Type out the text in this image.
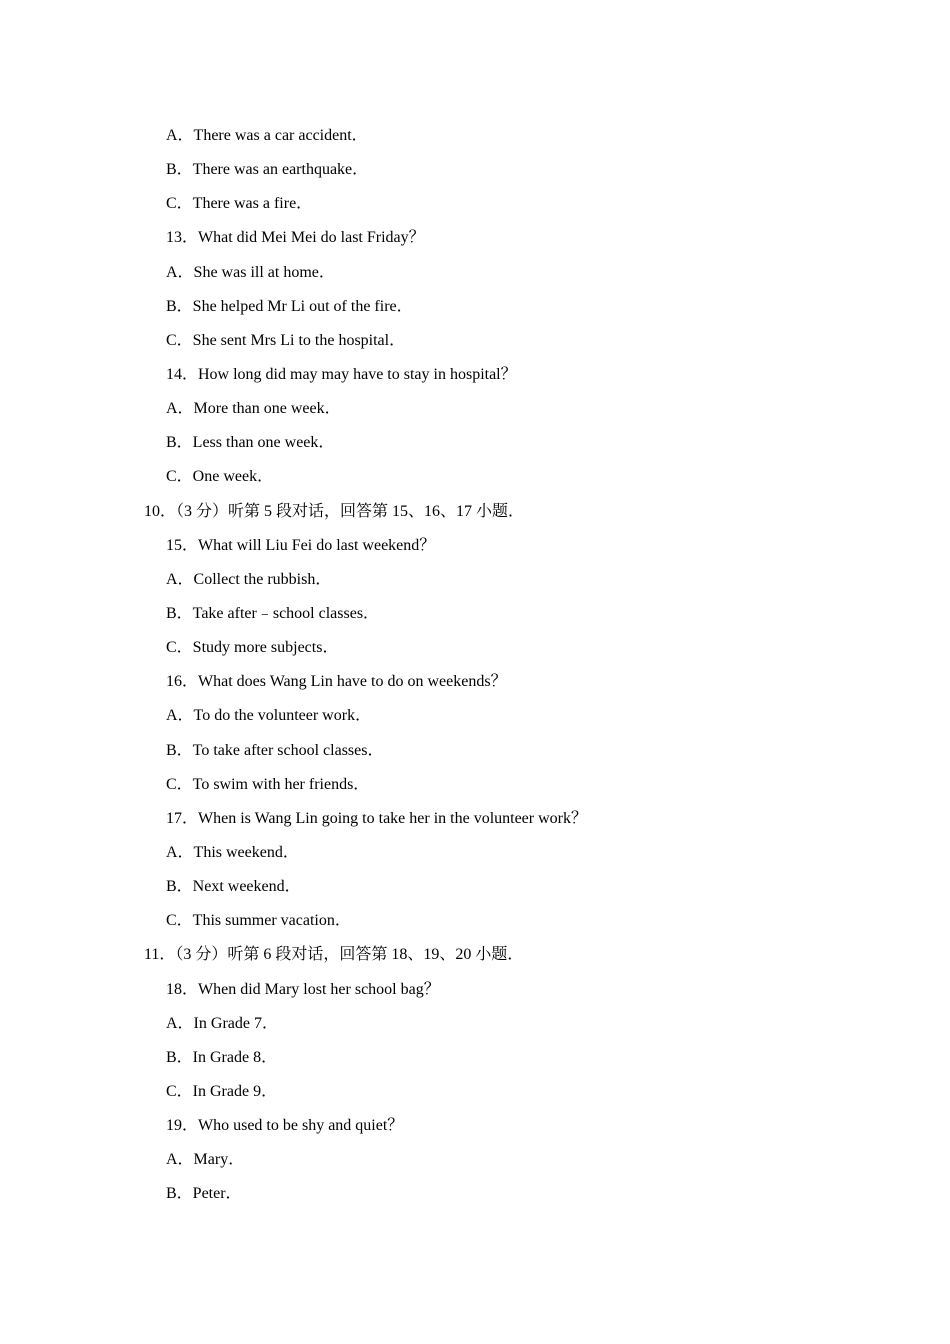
A．There was a car accident．
B．There was an earthquake．
C．There was a fire．
13．What did Mei Mei do last Friday？
A．She was ill at home．
B．She helped Mr Li out of the fire．
C．She sent Mrs Li to the hospital．
14．How long did may may have to stay in hospital？
A．More than one week．
B．Less than one week．
C．One week．
10．（3 分）听第 5 段对话，回答第 15、16、17 小题．
15．What will Liu Fei do last weekend？
A．Collect the rubbish．
B．Take after﹣school classes．
C．Study more subjects．
16．What does Wang Lin have to do on weekends？
A．To do the volunteer work．
B．To take after school classes．
C．To swim with her friends．
17．When is Wang Lin going to take her in the volunteer work？
A．This weekend．
B．Next weekend．
C．This summer vacation．
11．（3 分）听第 6 段对话，回答第 18、19、20 小题．
18．When did Mary lost her school bag？
A．In Grade 7．
B．In Grade 8．
C．In Grade 9．
19．Who used to be shy and quiet？
A．Mary．
B．Peter．
